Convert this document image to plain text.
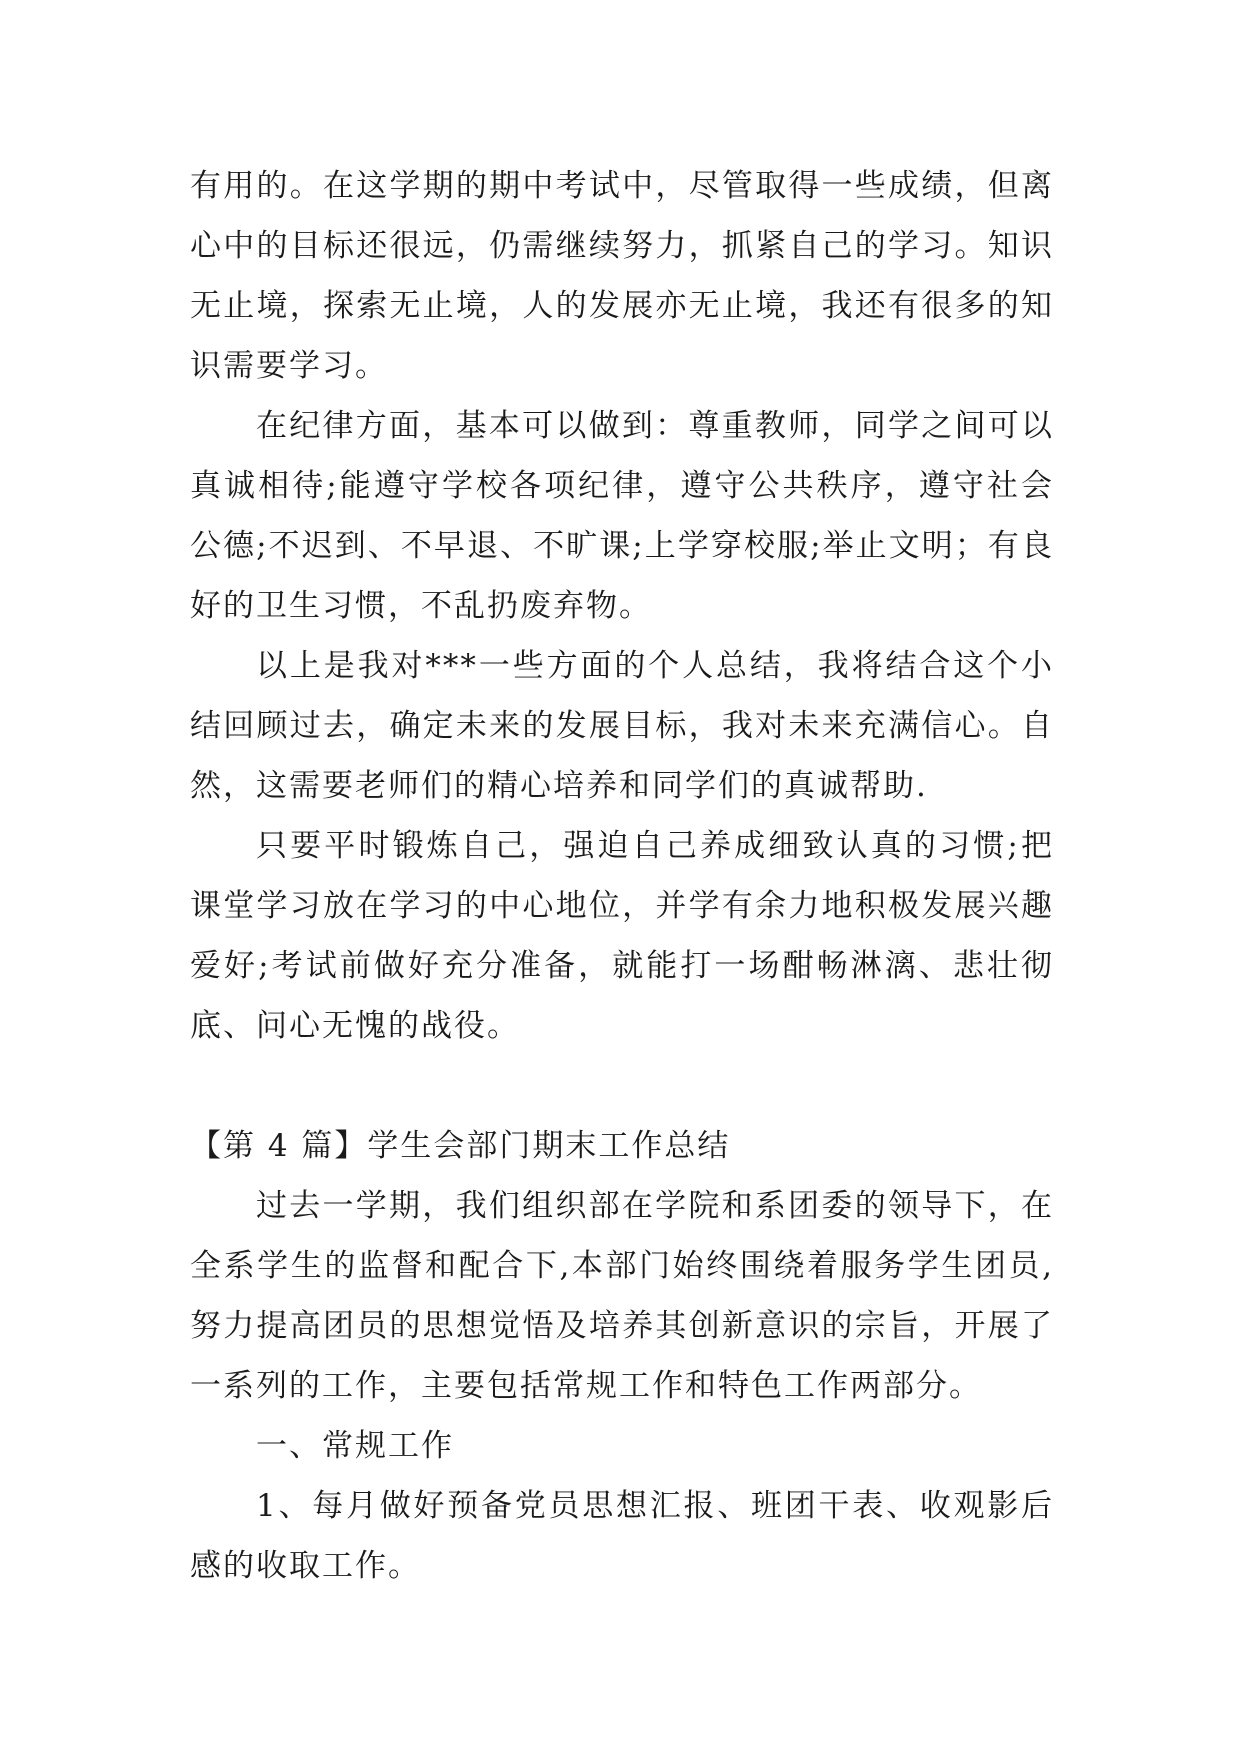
有用的。在这学期的期中考试中，尽管取得一些成绩，但离心中的目标还很远，仍需继续努力，抓紧自己的学习。知识无止境，探索无止境，人的发展亦无止境，我还有很多的知识需要学习。

在纪律方面，基本可以做到：尊重教师，同学之间可以真诚相待;能遵守学校各项纪律，遵守公共秩序，遵守社会公德;不迟到、不早退、不旷课;上学穿校服;举止文明；有良好的卫生习惯，不乱扔废弃物。

以上是我对***一些方面的个人总结，我将结合这个小结回顾过去，确定未来的发展目标，我对未来充满信心。自然，这需要老师们的精心培养和同学们的真诚帮助.

只要平时锻炼自己，强迫自己养成细致认真的习惯;把课堂学习放在学习的中心地位，并学有余力地积极发展兴趣爱好;考试前做好充分准备，就能打一场酣畅淋漓、悲壮彻底、问心无愧的战役。

【第 4 篇】学生会部门期末工作总结

过去一学期，我们组织部在学院和系团委的领导下，在全系学生的监督和配合下,本部门始终围绕着服务学生团员,努力提高团员的思想觉悟及培养其创新意识的宗旨，开展了一系列的工作，主要包括常规工作和特色工作两部分。

一、常规工作

1、每月做好预备党员思想汇报、班团干表、收观影后感的收取工作。
